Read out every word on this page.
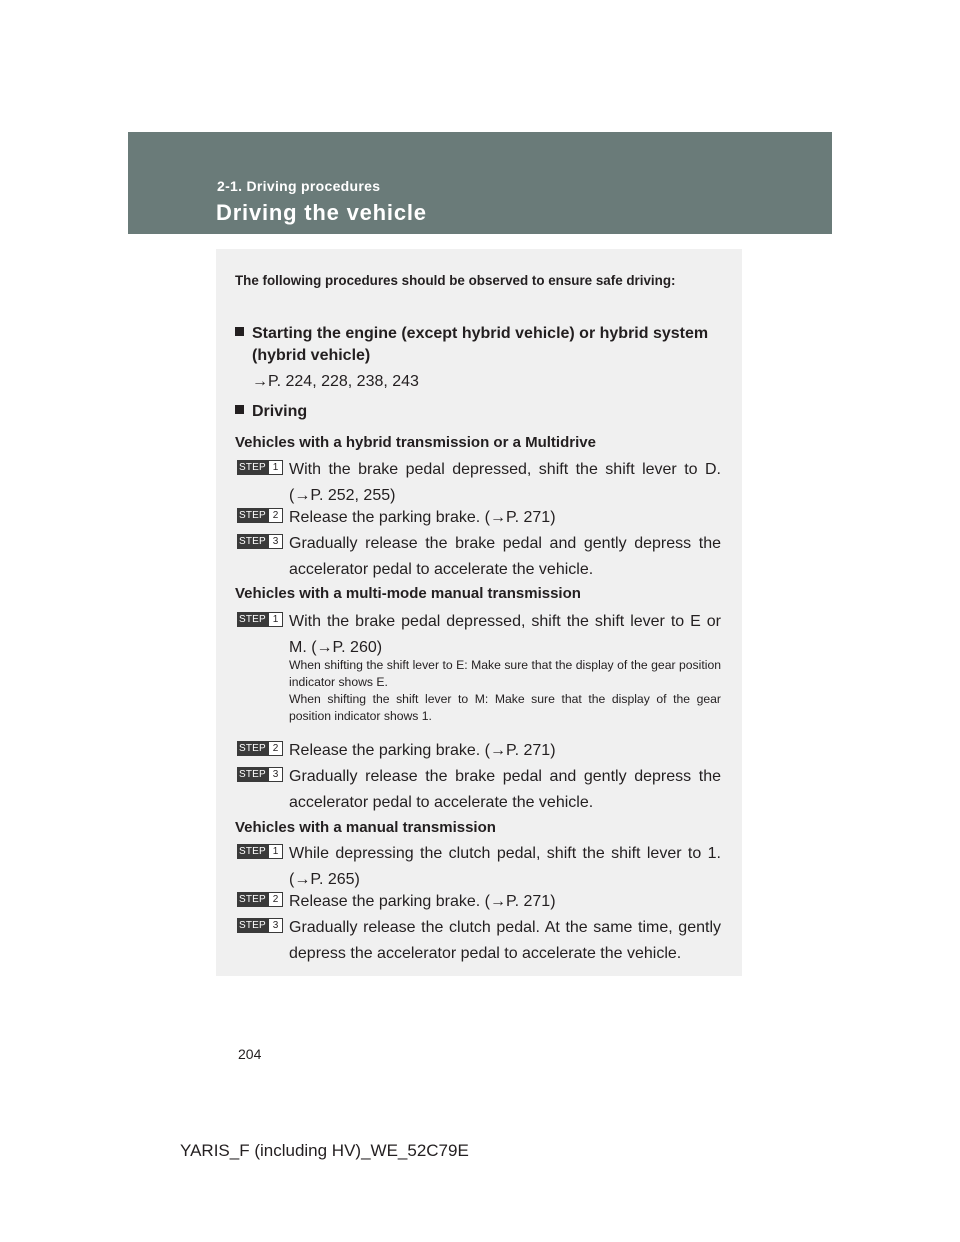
2-1. Driving procedures
Driving the vehicle
The following procedures should be observed to ensure safe driving:
Starting the engine (except hybrid vehicle) or hybrid system
(hybrid vehicle)
→P. 224, 228, 238, 243
Driving
Vehicles with a hybrid transmission or a Multidrive
STEP 1 With the brake pedal depressed, shift the shift lever to D. (→P. 252, 255)
STEP 2 Release the parking brake. (→P. 271)
STEP 3 Gradually release the brake pedal and gently depress the accelerator pedal to accelerate the vehicle.
Vehicles with a multi-mode manual transmission
STEP 1 With the brake pedal depressed, shift the shift lever to E or M. (→P. 260)
When shifting the shift lever to E: Make sure that the display of the gear position indicator shows E.
When shifting the shift lever to M: Make sure that the display of the gear position indicator shows 1.
STEP 2 Release the parking brake. (→P. 271)
STEP 3 Gradually release the brake pedal and gently depress the accelerator pedal to accelerate the vehicle.
Vehicles with a manual transmission
STEP 1 While depressing the clutch pedal, shift the shift lever to 1. (→P. 265)
STEP 2 Release the parking brake. (→P. 271)
STEP 3 Gradually release the clutch pedal. At the same time, gently depress the accelerator pedal to accelerate the vehicle.
204
YARIS_F (including HV)_WE_52C79E
